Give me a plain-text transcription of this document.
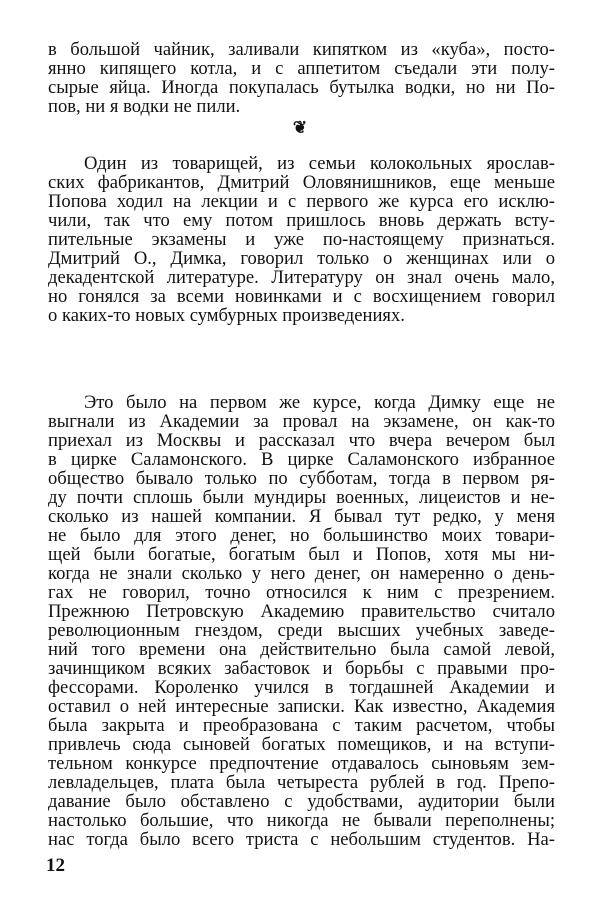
в большой чайник, заливали кипятком из «куба», посто-
янно кипящего котла, и с аппетитом съедали эти полу-
сырые яйца. Иногда покупалась бутылка водки, но ни По-
пов, ни я водки не пили.
❦
Один из товарищей, из семьи колокольных ярослав-
ских фабрикантов, Дмитрий Оловянишников, еще меньше
Попова ходил на лекции и с первого же курса его исклю-
чили, так что ему потом пришлось вновь держать всту-
пительные экзамены и уже по-настоящему признаться.
Дмитрий О., Димка, говорил только о женщинах или о
декадентской литературе. Литературу он знал очень мало,
но гонялся за всеми новинками и с восхищением говорил
о каких-то новых сумбурных произведениях.
Это было на первом же курсе, когда Димку еще не
выгнали из Академии за провал на экзамене, он как-то
приехал из Москвы и рассказал что вчера вечером был
в цирке Саламонского. В цирке Саламонского избранное
общество бывало только по субботам, тогда в первом ря-
ду почти сплошь были мундиры военных, лицеистов и не-
сколько из нашей компании. Я бывал тут редко, у меня
не было для этого денег, но большинство моих товари-
щей были богатые, богатым был и Попов, хотя мы ни-
когда не знали сколько у него денег, он намеренно о день-
гах не говорил, точно относился к ним с презрением.
Прежнюю Петровскую Академию правительство считало
революционным гнездом, среди высших учебных заведе-
ний того времени она действительно была самой левой,
зачинщиком всяких забастовок и борьбы с правыми про-
фессорами. Короленко учился в тогдашней Академии и
оставил о ней интересные записки. Как известно, Академия
была закрыта и преобразована с таким расчетом, чтобы
привлечь сюда сыновей богатых помещиков, и на вступи-
тельном конкурсе предпочтение отдавалось сыновьям зем-
левладельцев, плата была четыреста рублей в год. Препо-
давание было обставлено с удобствами, аудитории были
настолько большие, что никогда не бывали переполнены;
нас тогда было всего триста с небольшим студентов. На-
12
